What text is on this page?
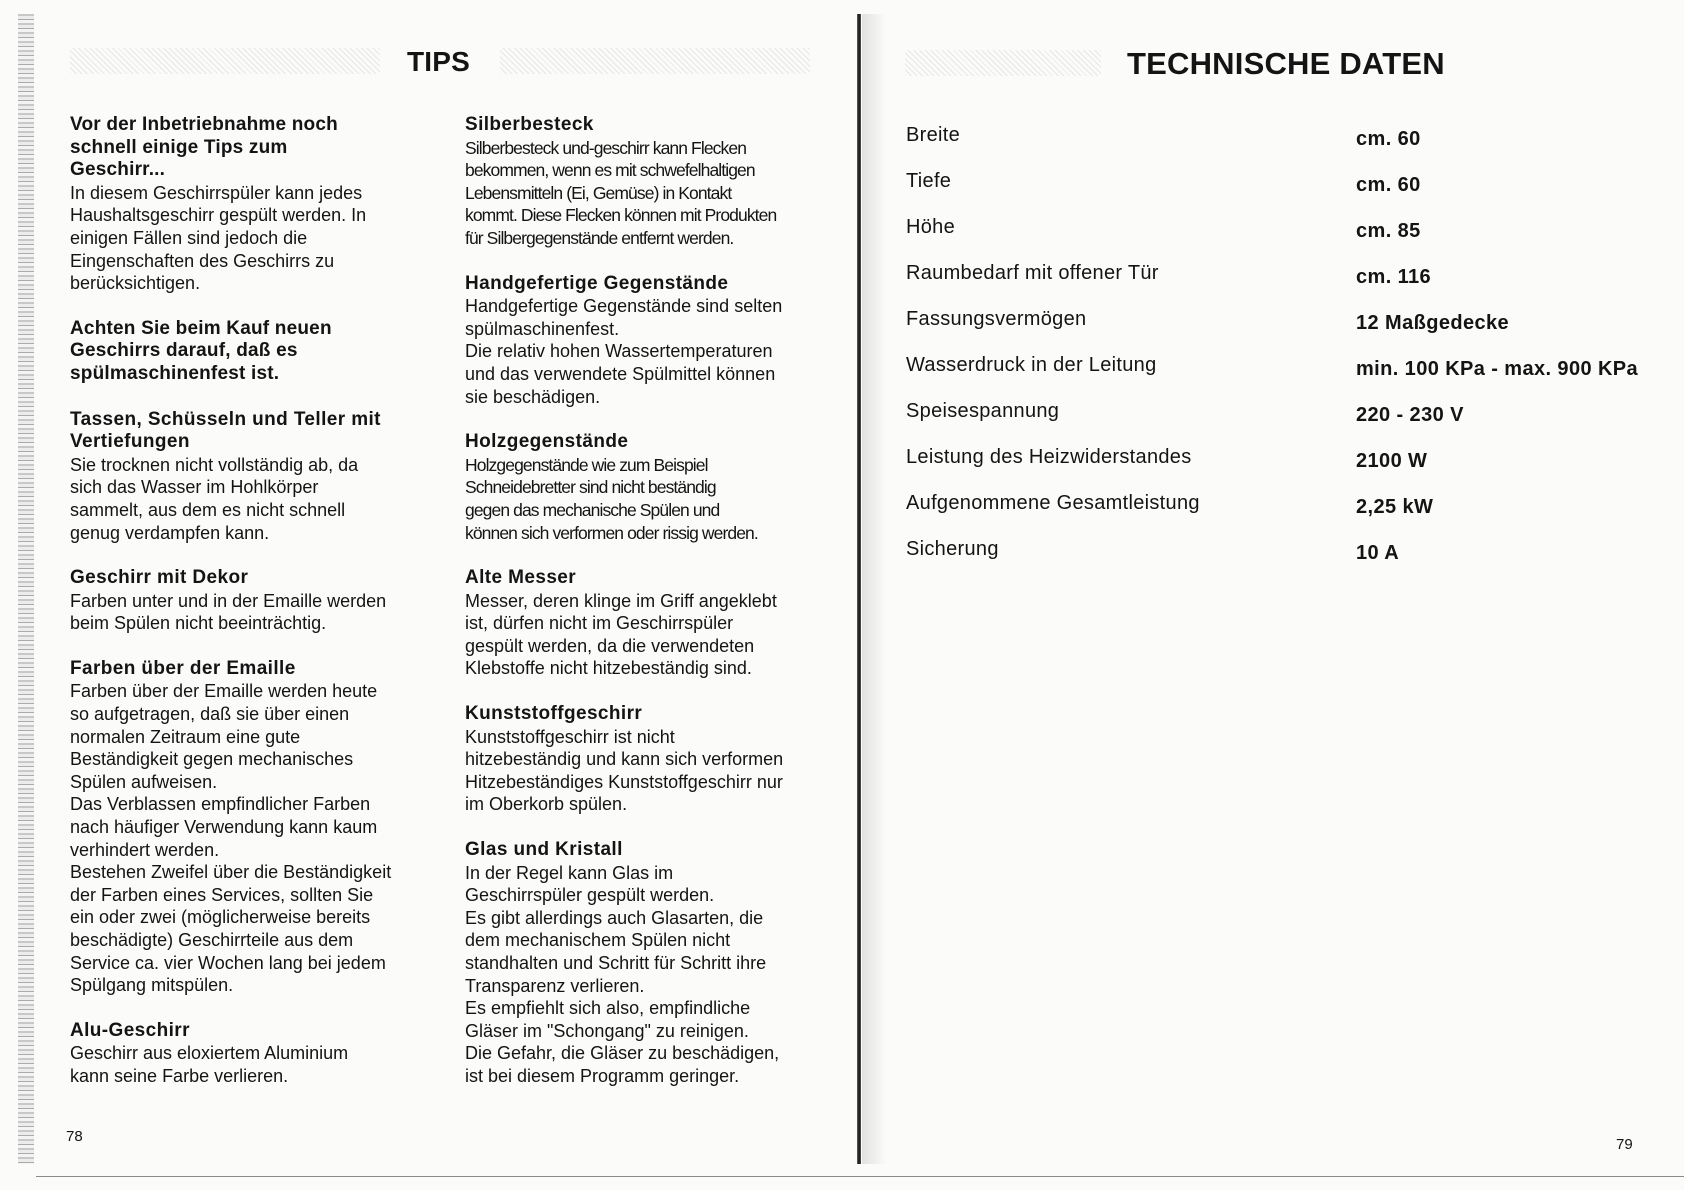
TIPS
Vor der Inbetriebnahme noch
schnell einige Tips zum
Geschirr...

In diesem Geschirrspüler kann jedes
Haushaltsgeschirr gespült werden. In
einigen Fällen sind jedoch die
Eingenschaften des Geschirrs zu
berücksichtigen.

Achten Sie beim Kauf neuen
Geschirrs darauf, daß es
spülmaschinenfest ist.
Tassen, Schüsseln und Teller mit
Vertiefungen

Sie trocknen nicht vollständig ab, da
sich das Wasser im Hohlkörper
sammelt, aus dem es nicht schnell
genug verdampfen kann.

Geschirr mit Dekor

Farben unter und in der Emaille werden
beim Spülen nicht beeinträchtig.

Farben über der Emaille

Farben über der Emaille werden heute
so aufgetragen, daß sie über einen
normalen Zeitraum eine gute
Beständigkeit gegen mechanisches
Spülen aufweisen.
Das Verblassen empfindlicher Farben
nach häufiger Verwendung kann kaum
verhindert werden.
Bestehen Zweifel über die Beständigkeit
der Farben eines Services, sollten Sie
ein oder zwei (möglicherweise bereits
beschädigte) Geschirrteile aus dem
Service ca. vier Wochen lang bei jedem
Spülgang mitspülen.

Alu-Geschirr

Geschirr aus eloxiertem Aluminium
kann seine Farbe verlieren.

Silberbesteck

Silberbesteck und-geschirr kann Flecken
bekommen, wenn es mit schwefelhaltigen
Lebensmitteln (Ei, Gemüse) in Kontakt
kommt. Diese Flecken können mit Produkten
für Silbergegenstände entfernt werden.

Handgefertige Gegenstände

Handgefertige Gegenstände sind selten
spülmaschinenfest.
Die relativ hohen Wassertemperaturen
und das verwendete Spülmittel können
sie beschädigen.

Holzgegenstände

Holzgegenstände wie zum Beispiel
Schneidebretter sind nicht beständig
gegen das mechanische Spülen und
können sich verformen oder rissig werden.

Alte Messer

Messer, deren klinge im Griff angeklebt
ist, dürfen nicht im Geschirrspüler
gespült werden, da die verwendeten
Klebstoffe nicht hitzebeständig sind.

Kunststoffgeschirr

Kunststoffgeschirr ist nicht
hitzebeständig und kann sich verformen
Hitzebeständiges Kunststoffgeschirr nur
im Oberkorb spülen.

Glas und Kristall

In der Regel kann Glas im
Geschirrspüler gespült werden.
Es gibt allerdings auch Glasarten, die
dem mechanischem Spülen nicht
standhalten und Schritt für Schritt ihre
Transparenz verlieren.
Es empfiehlt sich also, empfindliche
Gläser im "Schongang" zu reinigen.
Die Gefahr, die Gläser zu beschädigen,
ist bei diesem Programm geringer.

78
TECHNISCHE DATEN
Breite	cm. 60
Tiefe	cm. 60
Höhe	cm. 85
Raumbedarf mit offener Tür	cm. 116
Fassungsvermögen	12 Maßgedecke
Wasserdruck in der Leitung	min. 100 KPa - max. 900 KPa
Speisespannung	220 - 230 V
Leistung des Heizwiderstandes	2100 W
Aufgenommene Gesamtleistung	2,25 kW
Sicherung	10 A
79
